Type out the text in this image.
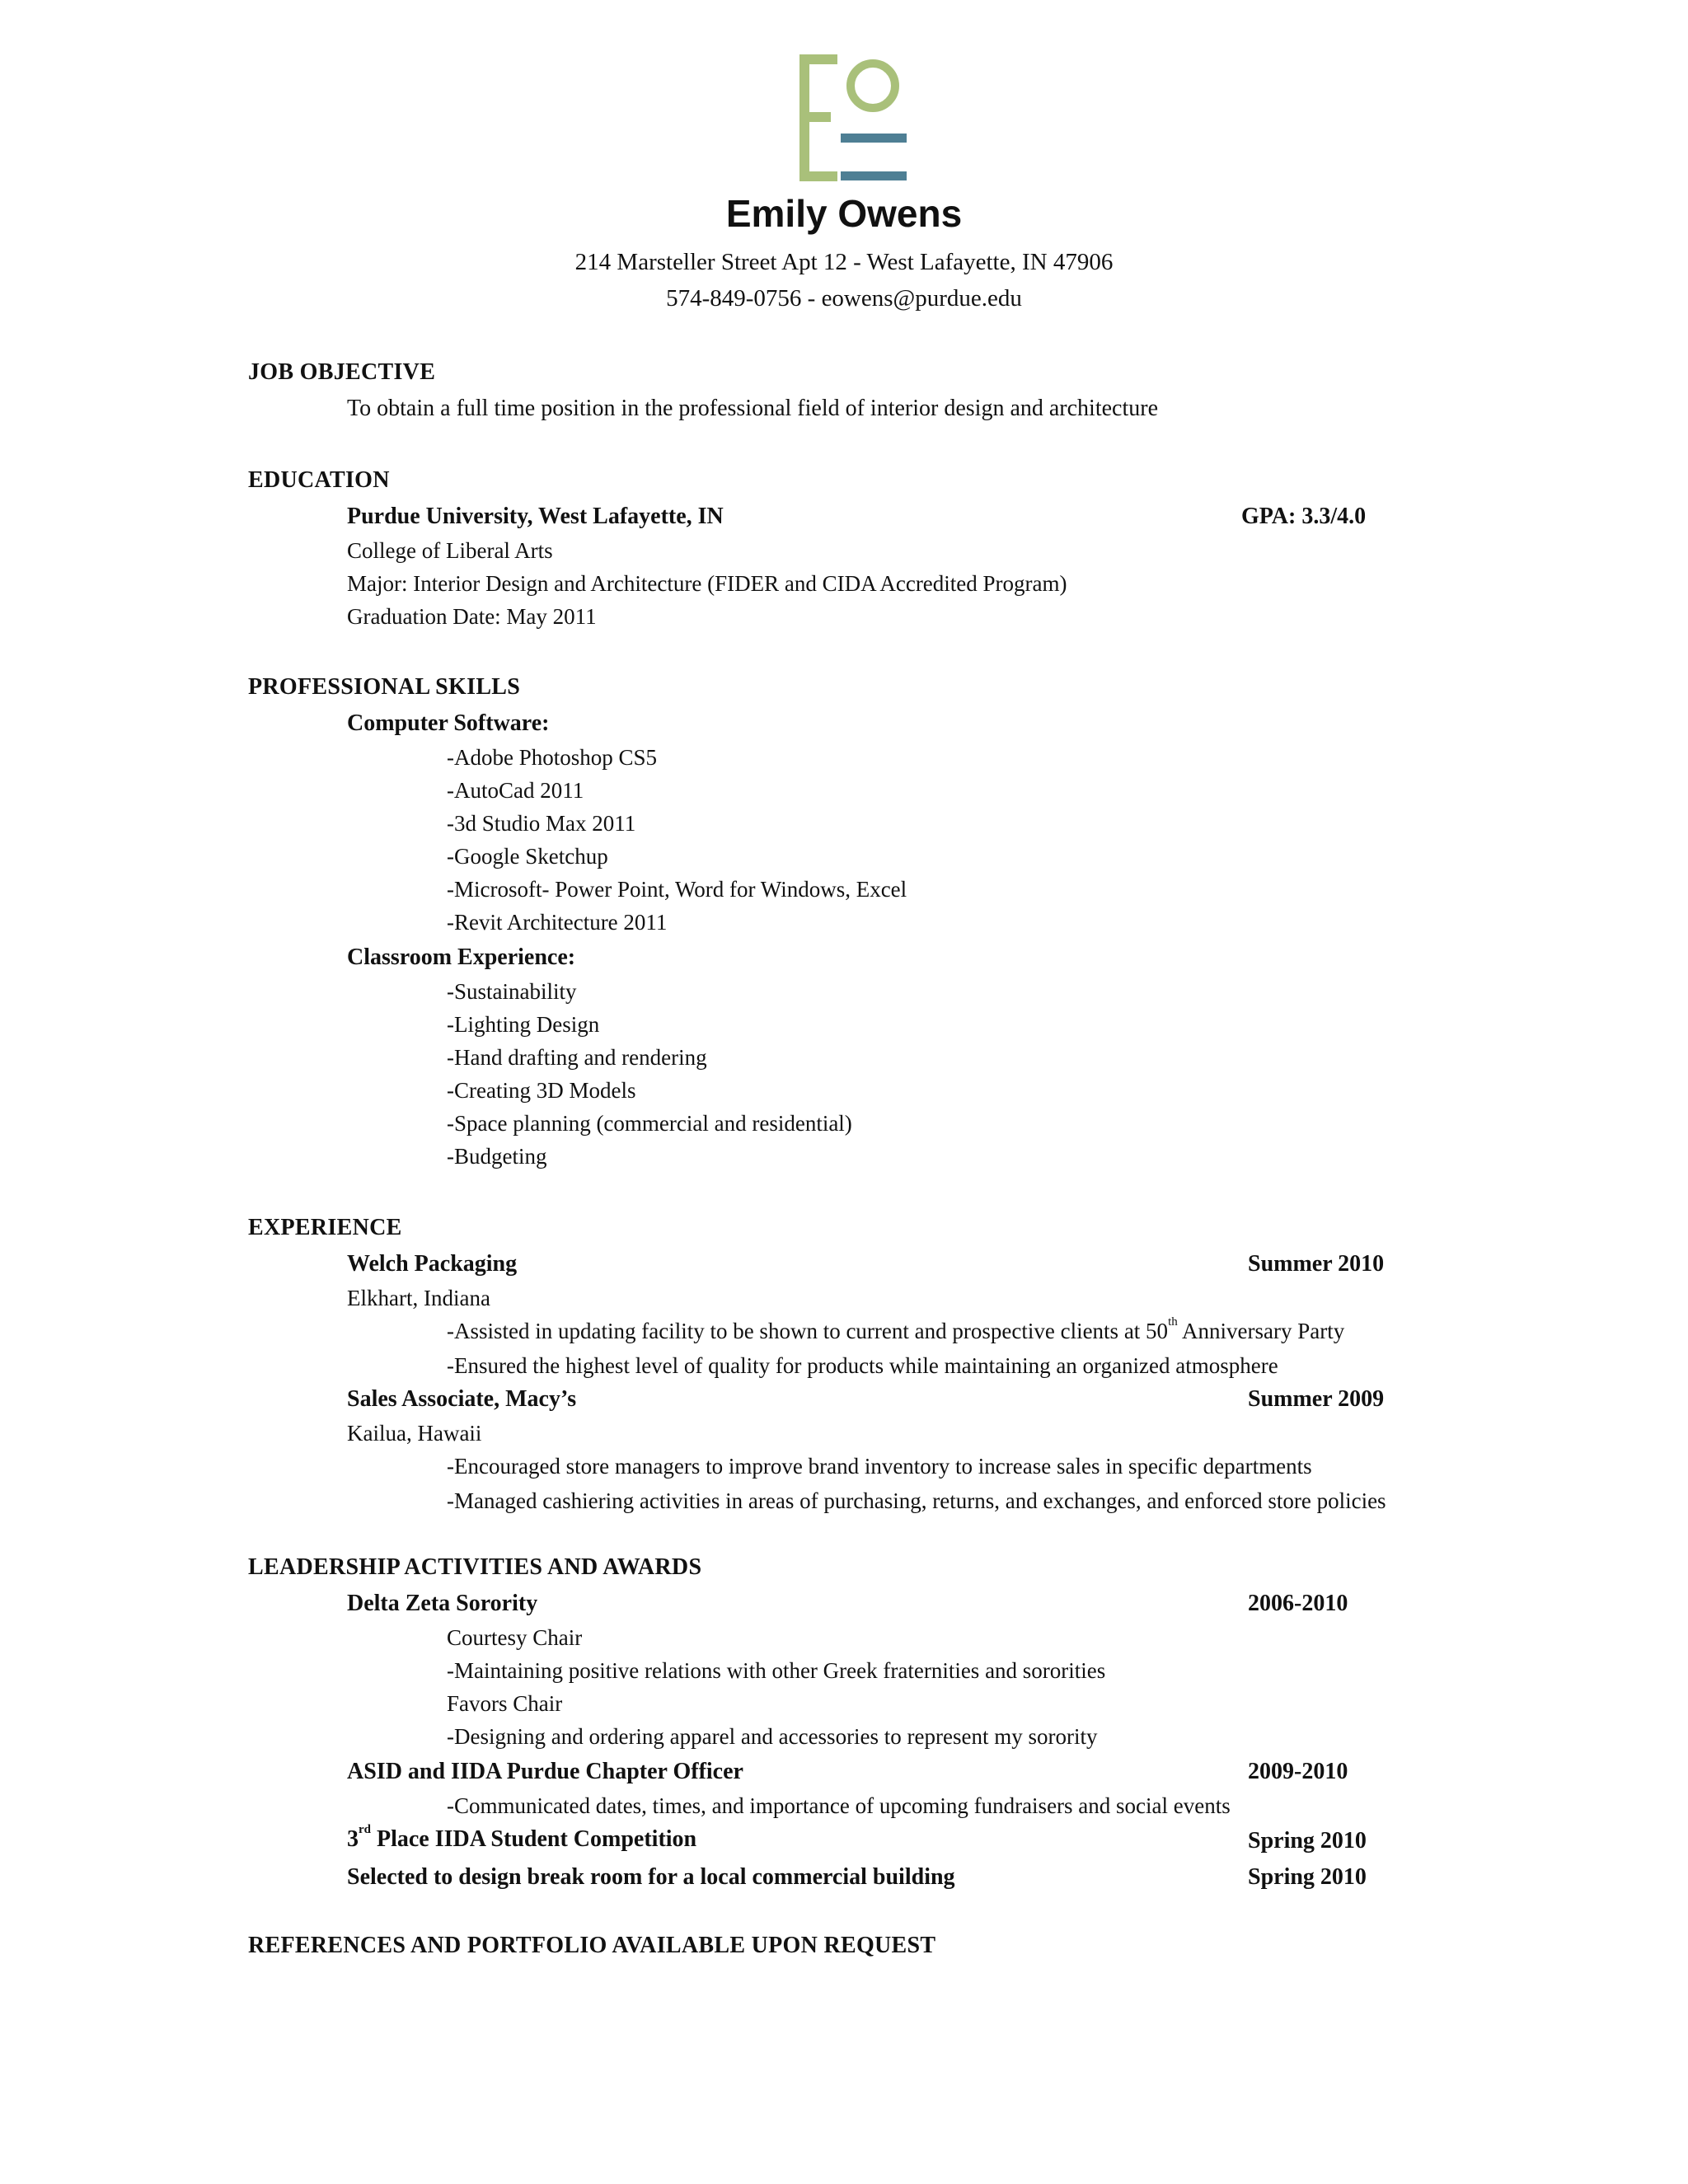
Emily Owens
214 Marsteller Street Apt 12 - West Lafayette, IN 47906
574-849-0756 - eowens@purdue.edu
JOB OBJECTIVE
To obtain a full time position in the professional field of interior design and architecture
EDUCATION
Purdue University, West Lafayette, IN	GPA: 3.3/4.0
College of Liberal Arts
Major: Interior Design and Architecture (FIDER and CIDA Accredited Program)
Graduation Date: May 2011
PROFESSIONAL SKILLS
Computer Software:
-Adobe Photoshop CS5
-AutoCad 2011
-3d Studio Max 2011
-Google Sketchup
-Microsoft- Power Point, Word for Windows, Excel
-Revit Architecture 2011
Classroom Experience:
-Sustainability
-Lighting Design
-Hand drafting and rendering
-Creating 3D Models
-Space planning (commercial and residential)
-Budgeting
EXPERIENCE
Welch Packaging	Summer 2010
Elkhart, Indiana
-Assisted in updating facility to be shown to current and prospective clients at 50th Anniversary Party
-Ensured the highest level of quality for products while maintaining an organized atmosphere
Sales Associate, Macy’s	Summer 2009
Kailua, Hawaii
-Encouraged store managers to improve brand inventory to increase sales in specific departments
-Managed cashiering activities in areas of purchasing, returns, and exchanges, and enforced store policies
LEADERSHIP ACTIVITIES AND AWARDS
Delta Zeta Sorority	2006-2010
Courtesy Chair
-Maintaining positive relations with other Greek fraternities and sororities
Favors Chair
-Designing and ordering apparel and accessories to represent my sorority
ASID and IIDA Purdue Chapter Officer	2009-2010
-Communicated dates, times, and importance of upcoming fundraisers and social events
3rd Place IIDA Student Competition	Spring 2010
Selected to design break room for a local commercial building	Spring 2010
REFERENCES AND PORTFOLIO AVAILABLE UPON REQUEST
